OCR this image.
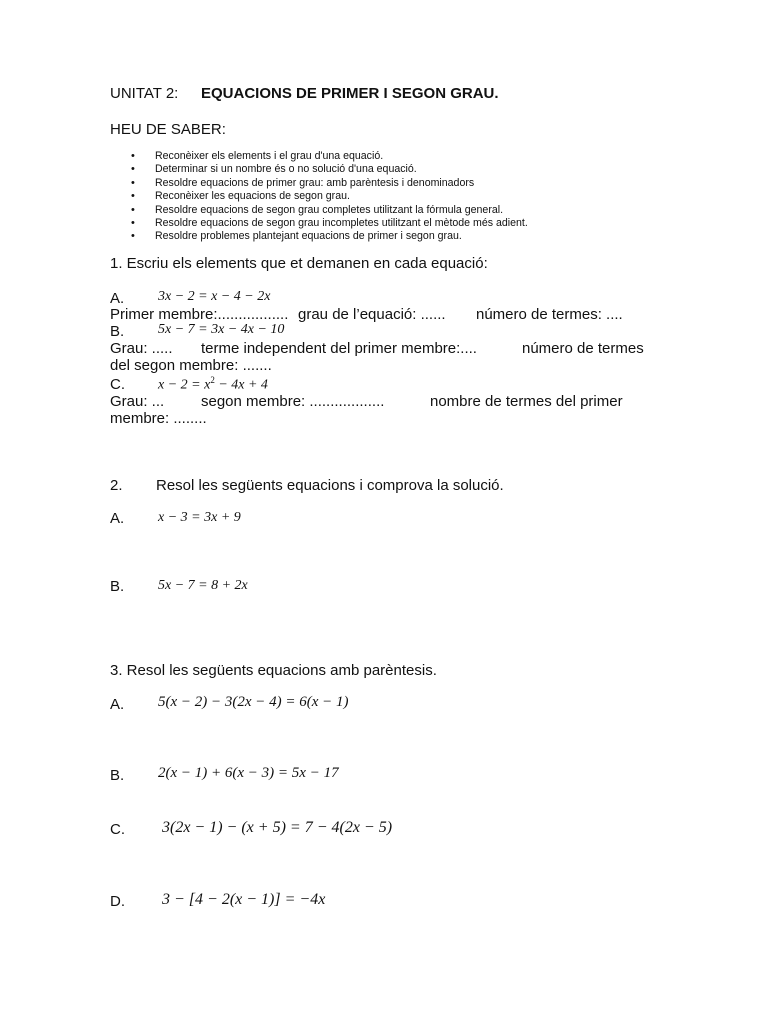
UNITAT 2: EQUACIONS DE PRIMER I SEGON GRAU.
HEU DE SABER:
• Reconèixer els elements i el grau d'una equació.
• Determinar si un nombre és o no solució d'una equació.
• Resoldre equacions de primer grau: amb parèntesis i denominadors
• Reconèixer les equacions de segon grau.
• Resoldre equacions de segon grau completes utilitzant la fórmula general.
• Resoldre equacions de segon grau incompletes utilitzant el mètode més adient.
• Resoldre problemes plantejant equacions de primer i segon grau.
1. Escriu els elements que et demanen en cada equació:
A. 3x − 2 = x − 4 − 2x
Primer membre:................. grau de l’equació: ...... número de termes: ....
B. 5x − 7 = 3x − 4x − 10
Grau: ..... terme independent del primer membre:....	número de termes
del segon membre: .......
C. $x - 2 = x^2 - 4x + 4$
Grau: ... segon membre: ..................	nombre de termes del primer
membre: ........
2. Resol les següents equacions i comprova la solució.
A. x − 3 = 3x + 9
B. 5x − 7 = 8 + 2x
3. Resol les següents equacions amb parèntesis.
A. 5(x − 2) − 3(2x − 4) = 6(x − 1)
B. 2(x − 1) + 6(x − 3) = 5x − 17
C. 3(2x − 1) − (x + 5) = 7 − 4(2x − 5)
D. 3 − [4 − 2(x − 1)] = −4x
